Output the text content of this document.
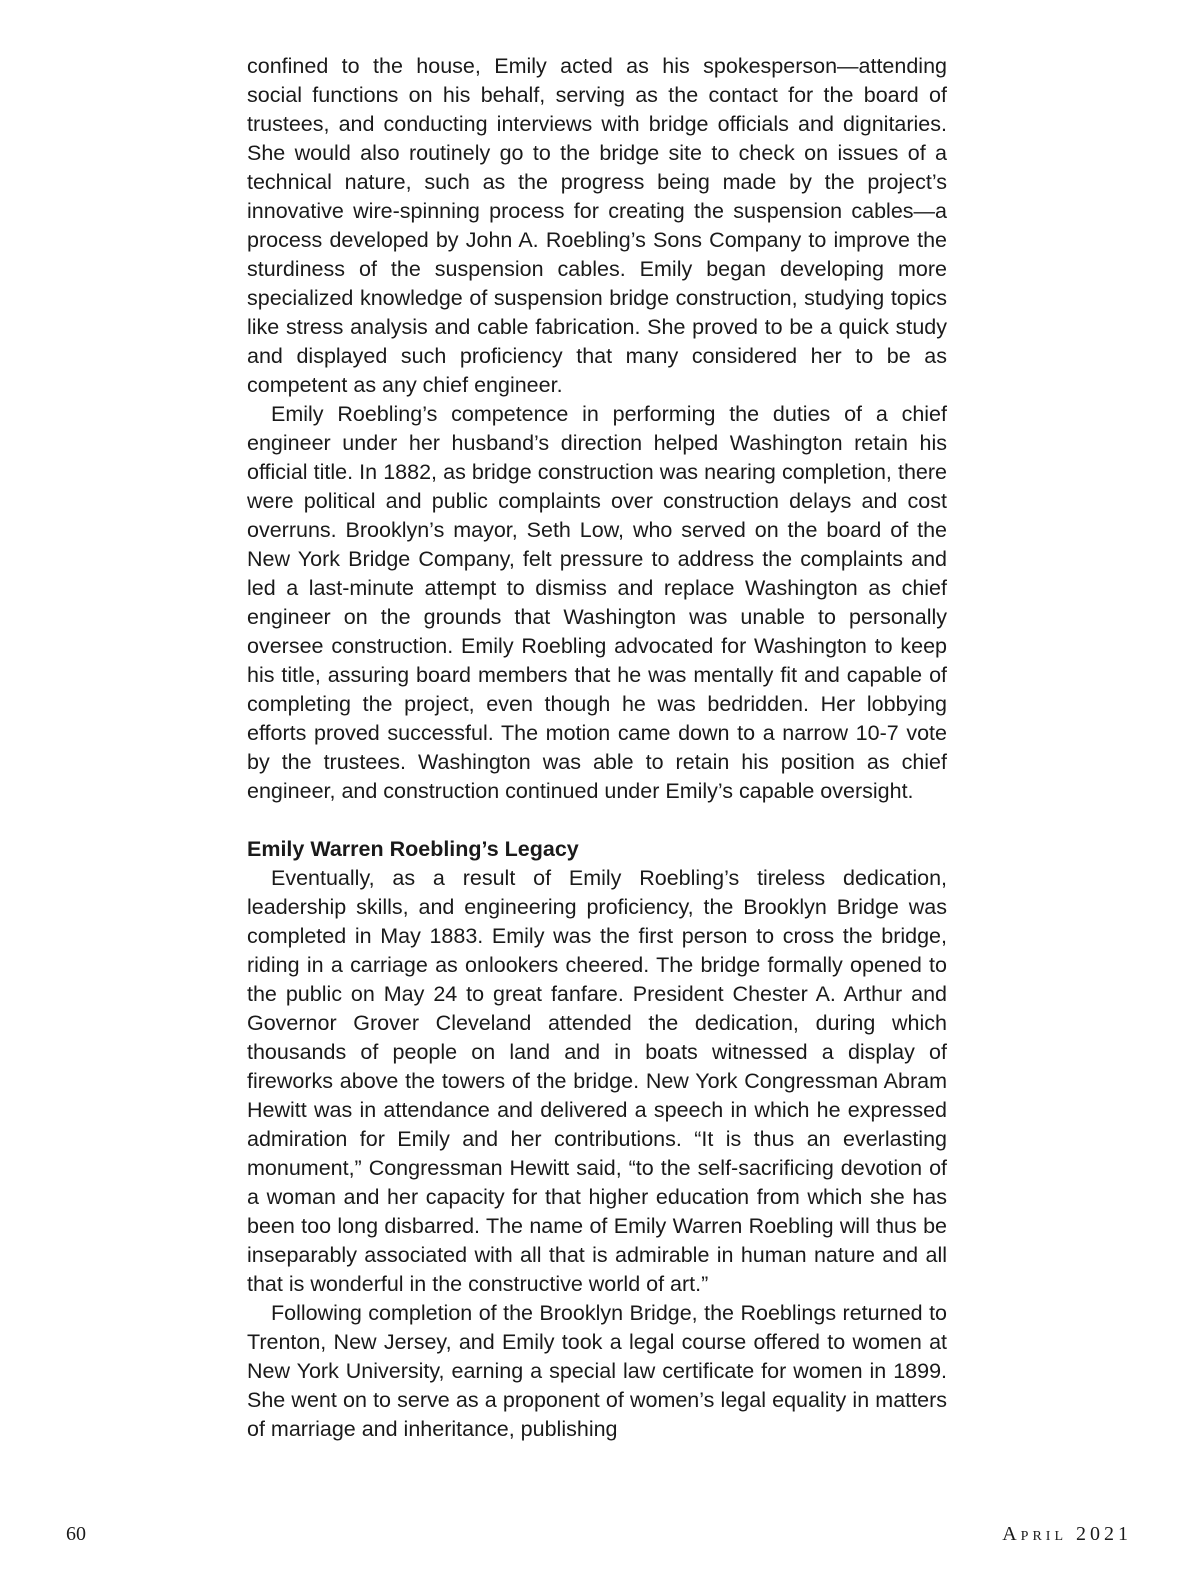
confined to the house, Emily acted as his spokesperson—attending social functions on his behalf, serving as the contact for the board of trustees, and conducting interviews with bridge officials and dignitaries. She would also routinely go to the bridge site to check on issues of a technical nature, such as the progress being made by the project’s innovative wire-spinning process for creating the suspension cables—a process developed by John A. Roebling’s Sons Company to improve the sturdiness of the suspension cables. Emily began developing more specialized knowledge of suspension bridge construction, studying topics like stress analysis and cable fabrication. She proved to be a quick study and displayed such proficiency that many considered her to be as competent as any chief engineer.

Emily Roebling’s competence in performing the duties of a chief engineer under her husband’s direction helped Washington retain his official title. In 1882, as bridge construction was nearing completion, there were political and public complaints over construction delays and cost overruns. Brooklyn’s mayor, Seth Low, who served on the board of the New York Bridge Company, felt pressure to address the complaints and led a last-minute attempt to dismiss and replace Washington as chief engineer on the grounds that Washington was unable to personally oversee construction. Emily Roebling advocated for Washington to keep his title, assuring board members that he was mentally fit and capable of completing the project, even though he was bedridden. Her lobbying efforts proved successful. The motion came down to a narrow 10-7 vote by the trustees. Washington was able to retain his position as chief engineer, and construction continued under Emily’s capable oversight.

Emily Warren Roebling’s Legacy

Eventually, as a result of Emily Roebling’s tireless dedication, leadership skills, and engineering proficiency, the Brooklyn Bridge was completed in May 1883. Emily was the first person to cross the bridge, riding in a carriage as onlookers cheered. The bridge formally opened to the public on May 24 to great fanfare. President Chester A. Arthur and Governor Grover Cleveland attended the dedication, during which thousands of people on land and in boats witnessed a display of fireworks above the towers of the bridge. New York Congressman Abram Hewitt was in attendance and delivered a speech in which he expressed admiration for Emily and her contributions. “It is thus an everlasting monument,” Congressman Hewitt said, “to the self-sacrificing devotion of a woman and her capacity for that higher education from which she has been too long disbarred. The name of Emily Warren Roebling will thus be inseparably associated with all that is admirable in human nature and all that is wonderful in the constructive world of art.”

Following completion of the Brooklyn Bridge, the Roeblings returned to Trenton, New Jersey, and Emily took a legal course offered to women at New York University, earning a special law certificate for women in 1899. She went on to serve as a proponent of women’s legal equality in matters of marriage and inheritance, publishing

60	April 2021
